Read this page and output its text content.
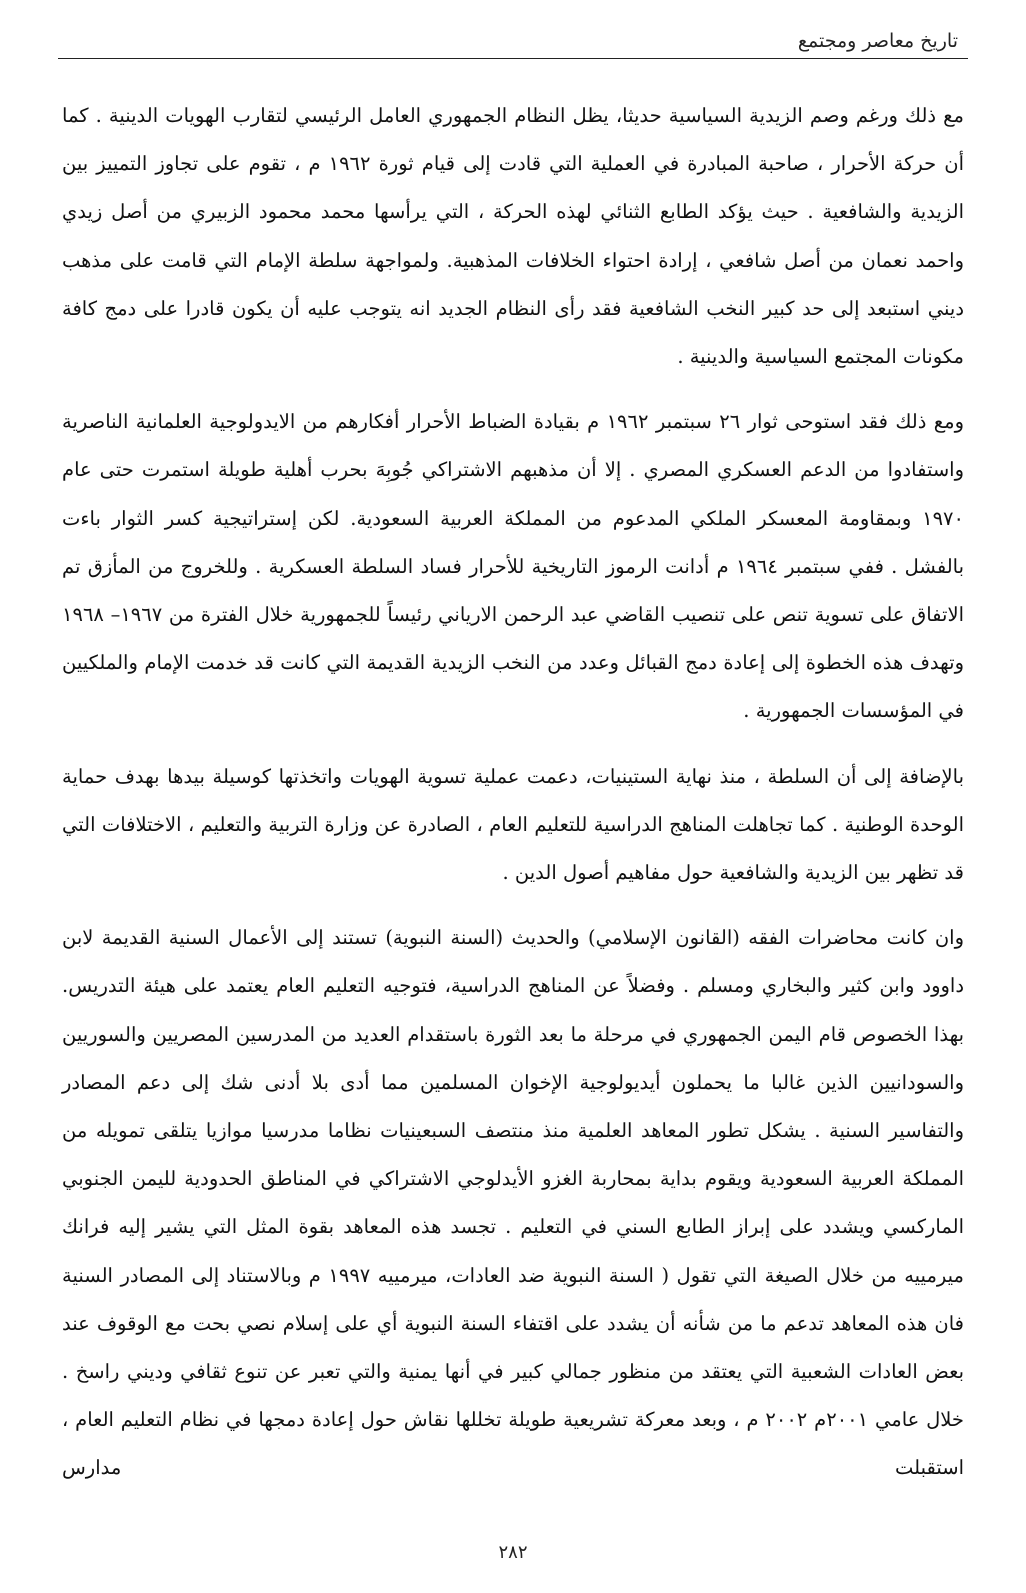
تاريخ معاصر ومجتمع

مع ذلك ورغم وصم الزيدية السياسية حديثا، يظل النظام الجمهوري العامل الرئيسي لتقارب الهويات الدينية . كما أن حركة الأحرار ، صاحبة المبادرة في العملية التي قادت إلى قيام ثورة ١٩٦٢ م ، تقوم على تجاوز التمييز بين الزيدية والشافعية . حيث يؤكد الطابع الثنائي لهذه الحركة ، التي يرأسها محمد محمود الزبيري من أصل زيدي واحمد نعمان من أصل شافعي ، إرادة احتواء الخلافات المذهبية. ولمواجهة سلطة الإمام التي قامت على مذهب ديني استبعد إلى حد كبير النخب الشافعية فقد رأى النظام الجديد انه يتوجب عليه أن يكون قادرا على دمج كافة مكونات المجتمع السياسية والدينية .

ومع ذلك فقد استوحى ثوار ٢٦ سبتمبر ١٩٦٢ م بقيادة الضباط الأحرار أفكارهم من الايدولوجية العلمانية الناصرية واستفادوا من الدعم العسكري المصري . إلا أن مذهبهم الاشتراكي جُوبِهَ بحرب أهلية طويلة استمرت حتى عام ١٩٧٠ وبمقاومة المعسكر الملكي المدعوم من المملكة العربية السعودية. لكن إستراتيجية كسر الثوار باءت بالفشل . ففي سبتمبر ١٩٦٤ م أدانت الرموز التاريخية للأحرار فساد السلطة العسكرية . وللخروج من المأزق تم الاتفاق على تسوية تنص على تنصيب القاضي عبد الرحمن الارياني رئيساً للجمهورية خلال الفترة من ١٩٦٧– ١٩٦٨ وتهدف هذه الخطوة إلى إعادة دمج القبائل وعدد من النخب الزيدية القديمة التي كانت قد خدمت الإمام والملكيين في المؤسسات الجمهورية .

بالإضافة إلى أن السلطة ، منذ نهاية الستينيات، دعمت عملية تسوية الهويات واتخذتها كوسيلة بيدها بهدف حماية الوحدة الوطنية . كما تجاهلت المناهج الدراسية للتعليم العام ، الصادرة عن وزارة التربية والتعليم ، الاختلافات التي قد تظهر بين الزيدية والشافعية حول مفاهيم أصول الدين .

وان كانت محاضرات الفقه (القانون الإسلامي) والحديث (السنة النبوية) تستند إلى الأعمال السنية القديمة لابن داوود وابن كثير والبخاري ومسلم . وفضلاً عن المناهج الدراسية، فتوجيه التعليم العام يعتمد على هيئة التدريس. بهذا الخصوص قام اليمن الجمهوري في مرحلة ما بعد الثورة باستقدام العديد من المدرسين المصريين والسوريين والسودانيين الذين غالبا ما يحملون أيديولوجية الإخوان المسلمين مما أدى بلا أدنى شك إلى دعم المصادر والتفاسير السنية . يشكل تطور المعاهد العلمية منذ منتصف السبعينيات نظاما مدرسيا موازيا يتلقى تمويله من المملكة العربية السعودية ويقوم بداية بمحاربة الغزو الأيدلوجي الاشتراكي في المناطق الحدودية لليمن الجنوبي الماركسي ويشدد على إبراز الطابع السني في التعليم . تجسد هذه المعاهد بقوة المثل التي يشير إليه فرانك ميرمييه من خلال الصيغة التي تقول ( السنة النبوية ضد العادات، ميرمييه ١٩٩٧ م وبالاستناد إلى المصادر السنية فان هذه المعاهد تدعم ما من شأنه أن يشدد على اقتفاء السنة النبوية أي على إسلام نصي بحت مع الوقوف عند بعض العادات الشعبية التي يعتقد من منظور جمالي كبير في أنها يمنية والتي تعبر عن تنوع ثقافي وديني راسخ . خلال عامي ٢٠٠١م ٢٠٠٢ م ، وبعد معركة تشريعية طويلة تخللها نقاش حول إعادة دمجها في نظام التعليم العام ، استقبلت مدارس

٢٨٢
